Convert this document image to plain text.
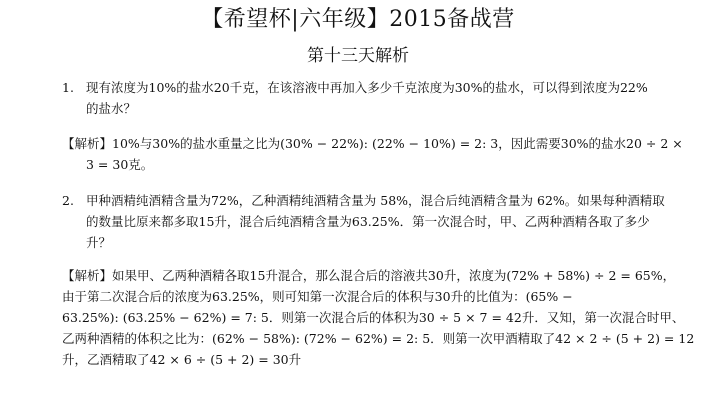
【希望杯|六年级】2015备战营
第十三天解析
1. 现有浓度为10%的盐水20千克，在该溶液中再加入多少千克浓度为30%的盐水，可以得到浓度为22%
的盐水？
【解析】10%与30%的盐水重量之比为(30% − 22%): (22% − 10%) = 2: 3，因此需要30%的盐水20 ÷ 2 ×
3 = 30克。
2. 甲种酒精纯酒精含量为72%，乙种酒精纯酒精含量为 58%，混合后纯酒精含量为 62%。如果每种酒精取
的数量比原来都多取15升，混合后纯酒精含量为63.25%．第一次混合时，甲、乙两种酒精各取了多少
升？
【解析】如果甲、乙两种酒精各取15升混合，那么混合后的溶液共30升，浓度为(72% + 58%) ÷ 2 = 65%，
由于第二次混合后的浓度为63.25%，则可知第一次混合后的体积与30升的比值为：(65% −
63.25%): (63.25% − 62%) = 7: 5．则第一次混合后的体积为30 ÷ 5 × 7 = 42升．又知，第一次混合时甲、
乙两种酒精的体积之比为：(62% − 58%): (72% − 62%) = 2: 5．则第一次甲酒精取了42 × 2 ÷ (5 + 2) = 12
升，乙酒精取了42 × 6 ÷ (5 + 2) = 30升
